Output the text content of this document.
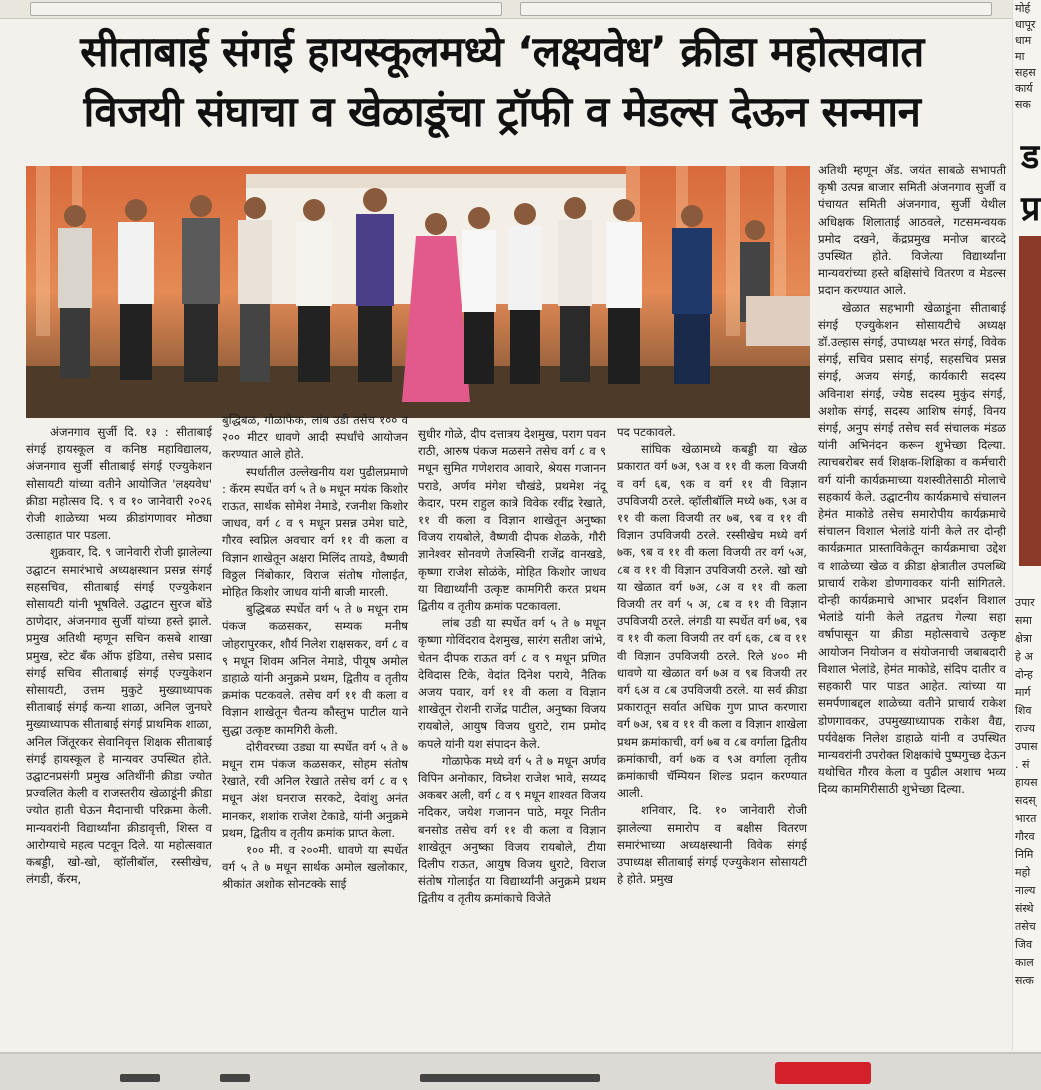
सीताबाई संगई हायस्कूलमध्ये ‘लक्ष्यवेध’ क्रीडा महोत्सवात
विजयी संघाचा व खेळाडूंचा ट्रॉफी व मेडल्स देऊन सन्मान

अतिथी म्हणून ॲड. जयंत साबळे सभापती कृषी उत्पन्न बाजार समिती अंजनगाव सुर्जी व पंचायत समिती अंजनगाव, सुर्जी येथील अधिक्षक शिलाताई आठवले, गटसमन्वयक प्रमोद दखने, केंद्रप्रमुख मनोज बारव्दे उपस्थित होते. विजेत्या विद्यार्थ्यांना मान्यवरांच्या हस्ते बक्षिसांचे वितरण व मेडल्स प्रदान करण्यात आले.

खेळात सहभागी खेळाडूंना सीताबाई संगई एज्युकेशन सोसायटीचे अध्यक्ष डॉ.उल्हास संगई, उपाध्यक्ष भरत संगई, विवेक संगई, सचिव प्रसाद संगई, सहसचिव प्रसन्न संगई, अजय संगई, कार्यकारी सदस्य अविनाश संगई, ज्येष्ठ सदस्य मुकुंद संगई, अशोक संगई, सदस्य आशिष संगई, विनय संगई, अनुप संगई तसेच सर्व संचालक मंडळ यांनी अभिनंदन करून शुभेच्छा दिल्या. त्याचबरोबर सर्व शिक्षक-शिक्षिका व कर्मचारी वर्ग यांनी कार्यक्रमाच्या यशस्वीतेसाठी मोलाचे सहकार्य केले. उद्घाटनीय कार्यक्रमाचे संचालन हेमंत माकोडे तसेच समारोपीय कार्यक्रमाचे संचालन विशाल भेलांडे यांनी केले तर दोन्ही कार्यक्रमात प्रास्ताविकेतून कार्यक्रमाचा उद्देश व शाळेच्या खेळ व क्रीडा क्षेत्रातील उपलब्धि प्राचार्य राकेश डोणगावकर यांनी सांगितले. दोन्ही कार्यक्रमाचे आभार प्रदर्शन विशाल भेलांडे यांनी केले तद्वतच गेल्या सहा वर्षापासून या क्रीडा महोत्सवाचे उत्कृष्ट आयोजन नियोजन व संयोजनाची जबाबदारी विशाल भेलांडे, हेमंत माकोडे, संदिप दातीर व सहकारी पार पाडत आहेत. त्यांच्या या समर्पणाबद्दल शाळेच्या वतीने प्राचार्य राकेश डोणगावकर, उपमुख्याध्यापक राकेश वैद्य, पर्यवेक्षक निलेश डाहाळे यांनी व उपस्थित मान्यवरांनी उपरोक्त शिक्षकांचे पुष्पगुच्छ देऊन यथोचित गौरव केला व पुढील अशाच भव्य दिव्य कामगिरीसाठी शुभेच्छा दिल्या.

अंजनगाव सुर्जी दि. १३ : सीताबाई संगई हायस्कूल व कनिष्ठ महाविद्यालय, अंजनगाव सुर्जी सीताबाई संगई एज्युकेशन सोसायटी यांच्या वतीने आयोजित 'लक्ष्यवेध' क्रीडा महोत्सव दि. ९ व १० जानेवारी २०२६ रोजी शाळेच्या भव्य क्रीडांगणावर मोठ्या उत्साहात पार पडला.

शुक्रवार, दि. ९ जानेवारी रोजी झालेल्या उद्घाटन समारंभाचे अध्यक्षस्थान प्रसन्न संगई सहसचिव, सीताबाई संगई एज्युकेशन सोसायटी यांनी भूषविले. उद्घाटन सुरज बोंडे ठाणेदार, अंजनगाव सुर्जी यांच्या हस्ते झाले. प्रमुख अतिथी म्हणून सचिन कसबे शाखा प्रमुख, स्टेट बँक ऑफ इंडिया, तसेच प्रसाद संगई सचिव सीताबाई संगई एज्युकेशन सोसायटी, उत्तम मुकुटे मुख्याध्यापक सीताबाई संगई कन्या शाळा, अनिल जुनघरे मुख्याध्यापक सीताबाई संगई प्राथमिक शाळा, अनिल जिंतूरकर सेवानिवृत्त शिक्षक सीताबाई संगई हायस्कूल हे मान्यवर उपस्थित होते. उद्घाटनप्रसंगी प्रमुख अतिथींनी क्रीडा ज्योत प्रज्वलित केली व राजस्तरीय खेळाडूंनी क्रीडा ज्योत हाती घेऊन मैदानाची परिक्रमा केली. मान्यवरांनी विद्यार्थ्यांना क्रीडावृत्ती, शिस्त व आरोग्याचे महत्व पटवून दिले. या महोत्सवात कबड्डी, खो-खो, व्हॉलीबॉल, रस्सीखेच, लंगडी, कॅरम,

बुद्धिबळ, गोळाफेक, लांब उडी तसेच १०० व २०० मीटर धावणे आदी स्पर्धांचे आयोजन करण्यात आले होते.

स्पर्धातील उल्लेखनीय यश पुढीलप्रमाणे : कॅरम स्पर्धेत वर्ग ५ ते ७ मधून मयंक किशोर राऊत, सार्थक सोमेश नेमाडे, रजनीश किशोर जाधव, वर्ग ८ व ९ मधून प्रसन्न उमेश घाटे, गौरव स्वप्निल अवचार वर्ग ११ वी कला व विज्ञान शाखेतून अक्षरा मिलिंद तायडे, वैष्णवी विठ्ठल निंबोकार, विराज संतोष गोलाईत, मोहित किशोर जाधव यांनी बाजी मारली.

बुद्धिबळ स्पर्धेत वर्ग ५ ते ७ मधून राम पंकज कळसकर, सम्यक मनीष जोहरापुरकर, शौर्य निलेश राक्षसकर, वर्ग ८ व ९ मधून शिवम अनिल नेमाडे, पीयूष अमोल डाहाळे यांनी अनुक्रमे प्रथम, द्वितीय व तृतीय क्रमांक पटकवले. तसेच वर्ग ११ वी कला व विज्ञान शाखेतून चैतन्य कौस्तुभ पाटील याने सुद्धा उत्कृष्ट कामगिरी केली.

दोरीवरच्या उड्या या स्पर्धेत वर्ग ५ ते ७ मधून राम पंकज कळसकर, सोहम संतोष रेखाते, रवी अनिल रेखाते तसेच वर्ग ८ व ९ मधून अंश घनराज सरकटे, देवांशु अनंत मानकर, शशांक राजेश टेकाडे, यांनी अनुक्रमे प्रथम, द्वितीय व तृतीय क्रमांक प्राप्त केला.

१०० मी. व २००मी. धावणे या स्पर्धेत वर्ग ५ ते ७ मधून सार्थक अमोल खलोकार, श्रीकांत अशोक सोनटक्के साई

सुधीर गोळे, दीप दत्तात्रय देशमुख, पराग पवन राठी, आरुष पंकज मळसने तसेच वर्ग ८ व ९ मधून सुमित गणेशराव आवारे, श्रेयस गजानन पराडे, अर्णव मंगेश चौखंडे, प्रथमेश नंदू केदार, परम राहुल कात्रे विवेक रवींद्र रेखाते, ११ वी कला व विज्ञान शाखेतून अनुष्का विजय रायबोले, वैष्णवी दीपक शेळके, गौरी ज्ञानेश्वर सोनवणे तेजस्विनी राजेंद्र वानखडे, कृष्णा राजेश सोळंके, मोहित किशोर जाधव या विद्यार्थ्यांनी उत्कृष्ट कामगिरी करत प्रथम द्वितीय व तृतीय क्रमांक पटकावला.

लांब उडी या स्पर्धेत वर्ग ५ ते ७ मधून कृष्णा गोविंदराव देशमुख, सारंग सतीश जांभे, चेतन दीपक राऊत वर्ग ८ व ९ मधून प्रणित देविदास टिके, वेदांत दिनेश पराये, नैतिक अजय पवार, वर्ग ११ वी कला व विज्ञान शाखेतून रोशनी राजेंद्र पाटील, अनुष्का विजय रायबोले, आयुष विजय धुराटे, राम प्रमोद कपले यांनी यश संपादन केले.

गोळाफेक मध्ये वर्ग ५ ते ७ मधून अर्णव विपिन अनोकार, विघ्नेश राजेश भावे, सय्यद अकबर अली, वर्ग ८ व ९ मधून शाश्वत विजय नदिकर, जयेश गजानन पाठे, मयूर नितीन बनसोड तसेच वर्ग ११ वी कला व विज्ञान शाखेतून अनुष्का विजय रायबोले, टीया दिलीप राऊत, आयुष विजय धुराटे, विराज संतोष गोलाईत या विद्यार्थ्यांनी अनुक्रमे प्रथम द्वितीय व तृतीय क्रमांकाचे विजेते

पद पटकावले.

सांघिक खेळामध्ये कबड्डी या खेळ प्रकारात वर्ग ७अ, ९अ व ११ वी कला विजयी व वर्ग ६ब, ९क व वर्ग ११ वी विज्ञान उपविजयी ठरले. व्हॉलीबॉलि मध्ये ७क, ९अ व ११ वी कला विजयी तर ७ब, ९ब व ११ वी विज्ञान उपविजयी ठरले. रस्सीखेच मध्ये वर्ग ७क, ९ब व ११ वी कला विजयी तर वर्ग ५अ, ८ब व ११ वी विज्ञान उपविजयी ठरले. खो खो या खेळात वर्ग ७अ, ८अ व ११ वी कला विजयी तर वर्ग ५ अ, ८ब व ११ वी विज्ञान उपविजयी ठरले. लंगडी या स्पर्धेत वर्ग ७ब, ९ब व ११ वी कला विजयी तर वर्ग ६क, ८ब व ११ वी विज्ञान उपविजयी ठरले. रिले ४०० मी धावणे या खेळात वर्ग ७अ व ९ब विजयी तर वर्ग ६अ व ८ब उपविजयी ठरले. या सर्व क्रीडा प्रकारातून सर्वात अधिक गुण प्राप्त करणारा वर्ग ७अ, ९ब व ११ वी कला व विज्ञान शाखेला प्रथम क्रमांकाची, वर्ग ७ब व ८ब वर्गाला द्वितीय क्रमांकाची, वर्ग ७क व ९अ वर्गाला तृतीय क्रमांकाची चॅम्पियन शिल्ड प्रदान करण्यात आली.

शनिवार, दि. १० जानेवारी रोजी झालेल्या समारोप व बक्षीस वितरण समारंभाच्या अध्यक्षस्थानी विवेक संगई उपाध्यक्ष सीताबाई संगई एज्युकेशन सोसायटी हे होते. प्रमुख

मोर्ह
धापूर
धाम
मा
सहस
कार्य
सक
ड
प्र
उपार
समा
क्षेत्रा
हे अ
दोन्ह
मार्ग
शिव
राज्य
उपास
. सं
हायस
सदस्
भारत
गौरव
निमि
महो
नाल्य
संस्थे
तसेच
जिव
काल
सत्क
